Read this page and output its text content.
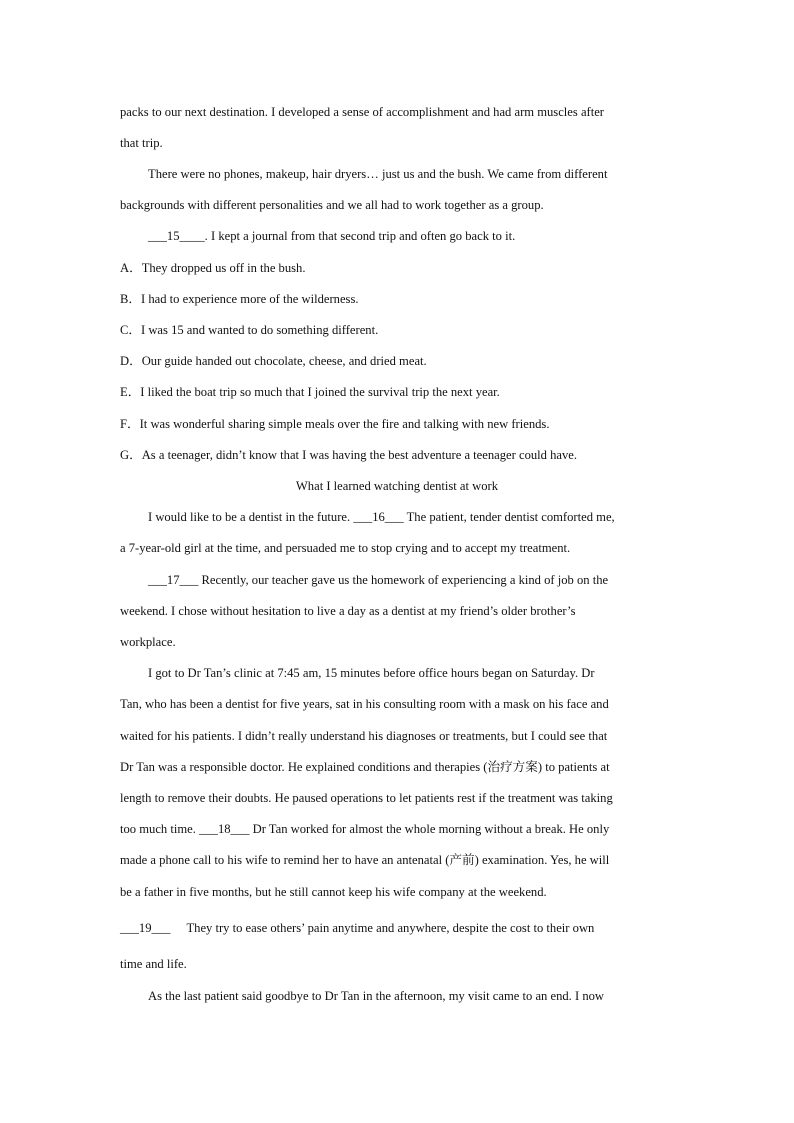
packs to our next destination. I developed a sense of accomplishment and had arm muscles after
that trip.
There were no phones, makeup, hair dryers… just us and the bush. We came from different
backgrounds with different personalities and we all had to work together as a group.
___15____. I kept a journal from that second trip and often go back to it.
A．They dropped us off in the bush.
B．I had to experience more of the wilderness.
C．I was 15 and wanted to do something different.
D．Our guide handed out chocolate, cheese, and dried meat.
E．I liked the boat trip so much that I joined the survival trip the next year.
F．It was wonderful sharing simple meals over the fire and talking with new friends.
G．As a teenager, didn’t know that I was having the best adventure a teenager could have.
What I learned watching dentist at work
I would like to be a dentist in the future. ___16___ The patient, tender dentist comforted me,
a 7-year-old girl at the time, and persuaded me to stop crying and to accept my treatment.
___17___ Recently, our teacher gave us the homework of experiencing a kind of job on the
weekend. I chose without hesitation to live a day as a dentist at my friend’s older brother’s
workplace.
I got to Dr Tan’s clinic at 7:45 am, 15 minutes before office hours began on Saturday. Dr
Tan, who has been a dentist for five years, sat in his consulting room with a mask on his face and
waited for his patients. I didn’t really understand his diagnoses or treatments, but I could see that
Dr Tan was a responsible doctor. He explained conditions and therapies (治疗方案) to patients at
length to remove their doubts. He paused operations to let patients rest if the treatment was taking
too much time. ___18___ Dr Tan worked for almost the whole morning without a break. He only
made a phone call to his wife to remind her to have an antenatal (产前) examination. Yes, he will
be a father in five months, but he still cannot keep his wife company at the weekend.
___19___ They try to ease others’ pain anytime and anywhere, despite the cost to their own
time and life.
As the last patient said goodbye to Dr Tan in the afternoon, my visit came to an end. I now
